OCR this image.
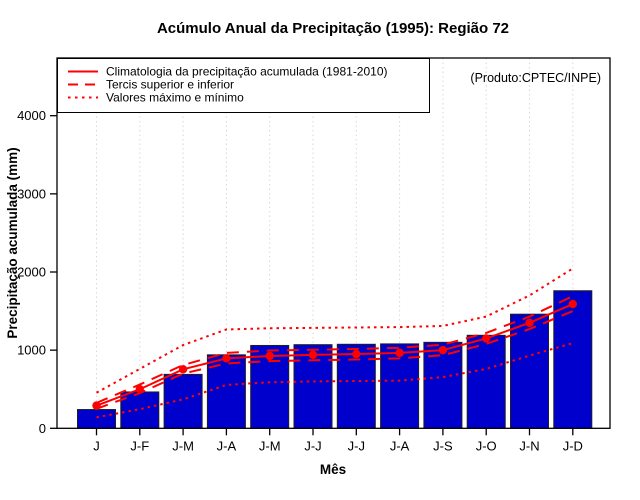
0
1000
2000
3000
4000
J J-F J-M J-A J-M J-J J-J J-A J-S J-O J-N J-D
Climatologia da precipitação acumulada (1981-2010)
Tercis superior e inferior
Valores máximo e mínimo
(Produto:CPTEC/INPE)
Acúmulo Anual da Precipitação (1995): Região 72
Mês
Precipitação acumulada (mm)
